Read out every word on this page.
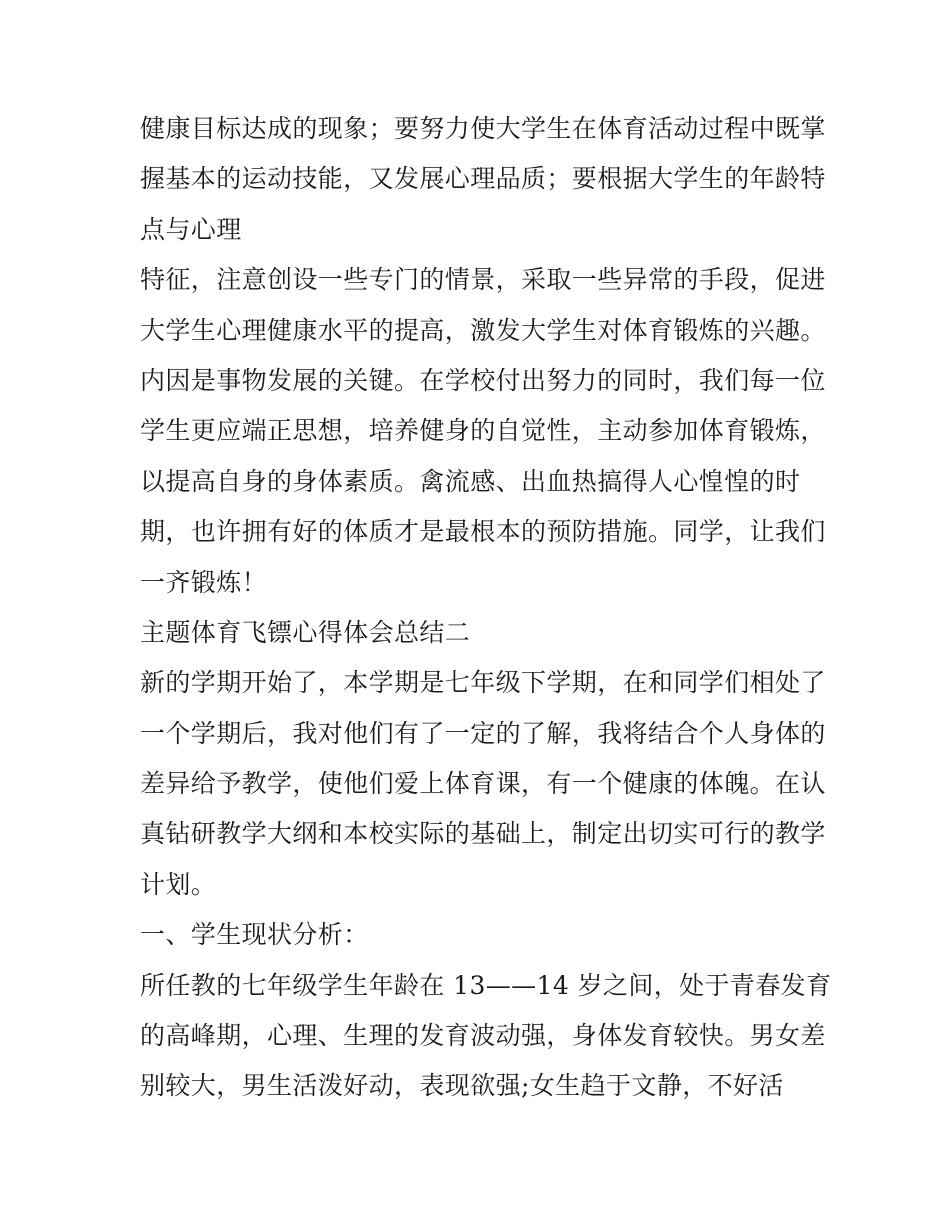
健康目标达成的现象；要努力使大学生在体育活动过程中既掌
握基本的运动技能，又发展心理品质；要根据大学生的年龄特
点与心理
特征，注意创设一些专门的情景，采取一些异常的手段，促进
大学生心理健康水平的提高，激发大学生对体育锻炼的兴趣。
内因是事物发展的关键。在学校付出努力的同时，我们每一位
学生更应端正思想，培养健身的自觉性，主动参加体育锻炼，
以提高自身的身体素质。禽流感、出血热搞得人心惶惶的时
期，也许拥有好的体质才是最根本的预防措施。同学，让我们
一齐锻炼！
主题体育飞镖心得体会总结二
新的学期开始了，本学期是七年级下学期，在和同学们相处了
一个学期后，我对他们有了一定的了解，我将结合个人身体的
差异给予教学，使他们爱上体育课，有一个健康的体魄。在认
真钻研教学大纲和本校实际的基础上，制定出切实可行的教学
计划。
一、学生现状分析：
所任教的七年级学生年龄在 13——14 岁之间，处于青春发育
的高峰期，心理、生理的发育波动强，身体发育较快。男女差
别较大，男生活泼好动，表现欲强;女生趋于文静，不好活
